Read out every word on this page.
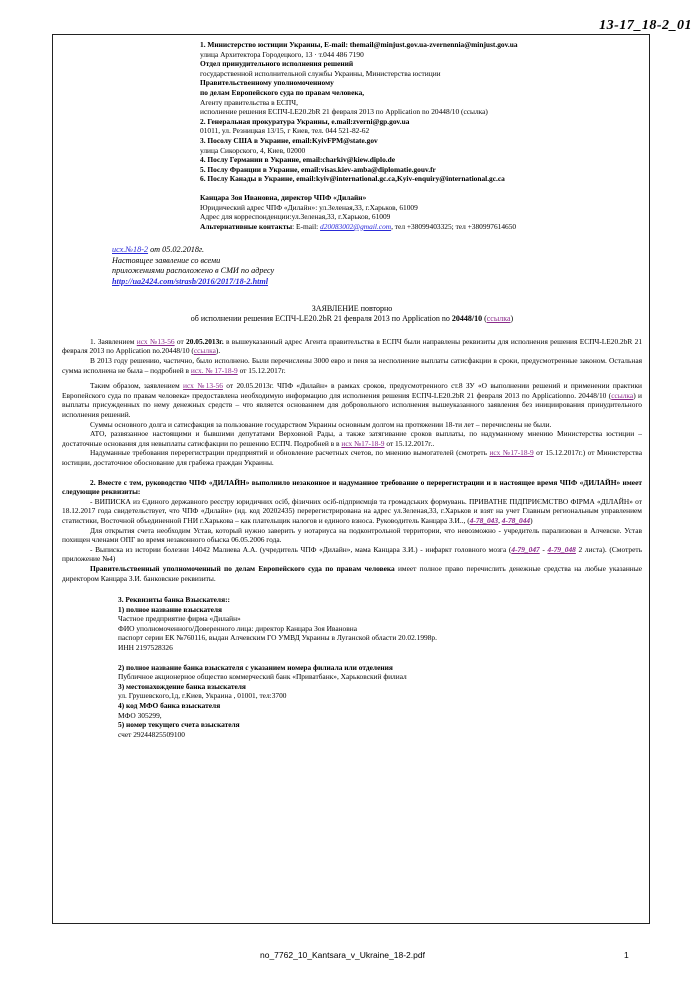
13-17_18-2_01
1. Министерство юстиции Украины, E-mail: themail@minjust.gov.ua-zvernennia@minjust.gov.ua
улица Архитектора Городецкого, 13 · т.044 486 7190
Отдел принудительного исполнения решений
государственной исполнительной службы Украины, Министерства юстиции
Правительственному уполномоченному
по делам Европейского суда по правам человека,
Агенту правительства в ЕСПЧ,
исполнение решения ЕСПЧ-LE20.2bR 21 февраля 2013 по Application no 20448/10 (ссылка)
2. Генеральная прокуратура Украины, e.mail:zverni@gp.gov.ua
01011, ул. Резницкая 13/15, г Киев, тел. 044 521-82-62
3. Посолу США в Украине, email:KyivFPM@state.gov
улица Сикорского, 4, Киев, 02000
4. Послу Германии в Украине, email:charkiv@kiew.diplo.de
5. Послу Франции в Украине, email:visas.kiev-amba@diplomatie.gouv.fr
6. Послу Канады в Украине, email:kyiv@international.gc.ca,Kyiv-enquiry@international.gc.ca
Канцара Зоя Ивановна, директор ЧПФ «Дилайн»
Юридический адрес ЧПФ «Дилайн»: ул.Зеленая,33, г.Харьков, 61009
Адрес для корреспонденции:ул.Зеленая,33, г.Харьков, 61009
Альтернативные контакты: E-mail: d20083002@gmail.com, тел +38099403325; тел +380997614650
исх.№18-2 от 05.02.2018г.
Настоящее заявление со всеми
приложениями расположено в СМИ по адресу
http://ua2424.com/strasb/2016/2017/18-2.html
ЗАЯВЛЕНИЕ повторно
об исполнении решения ЕСПЧ-LE20.2bR 21 февраля 2013 по Application no 20448/10 (ссылка)

1. Заявлением исх №13-56 от 20.05.2013г. в вышеуказанный адрес Агента правительства в ЕСПЧ были направлены реквизиты для исполнения решения ЕСПЧ-LE20.2bR 21 февраля 2013 по Application no.20448/10 (ссылка).

В 2013 году решению, частично, было исполнено. Были перечислены 3000 евро и пеня за несполнение выплаты сатисфакции в сроки, предусмотренные законом. Остальная сумма исполнена не была – подробней в исх. № 17-18-9 от 15.12.2017г.

Таким образом, заявлением исх №13-56 от 20.05.2013г. ЧПФ «Дилайн» в рамках сроков, предусмотренного ст.8 ЗУ «О выполнении решений и применении практики Европейского суда по правам человека» предоставлена необходимую информацию для исполнения решения ЕСПЧ-LE20.2bR 21 февраля 2013 по Applicationno. 20448/10 (ссылка) и выплаты присужденных по нему денежных средств – что является основанием для добровольного исполнения вышеуказанного заявления без инициирования принудительного исполнения решений.

Суммы основного долга и сатисфакция за пользование государством Украины основным долгом на протяжении 18-ти лет – перечислены не были.

АТО, развязанное настоящими и бывшими депутатами Верховной Рады, а также затягивание сроков выплаты, по надуманному мнению Министерства юстиции – достаточные основания для невыплаты сатисфакции по решению ЕСПЧ. Подробней в в исх №17-18-9 от 15.12.2017г..

Надуманные требования перерегистрации предприятий и обновление расчетных счетов, по мнению вымогателей (смотреть исх №17-18-9 от 15.12.2017г.) от Министерства юстиции, достаточное обоснование для грабежа граждан Украины.

2. Вместе с тем, руководство ЧПФ «ДИЛАЙН» выполнило незаконное и надуманное требование о перерегистрации и в настоящее время ЧПФ «ДИЛАЙН» имеет следующие реквизиты:

- ВИПИСКА из Єдиного державного реєстру юридичних осіб, фізичних осіб-підприємців та громадських формувань. ПРИВАТНЕ ПІДПРИЄМСТВО ФІРМА «ДІЛАЙН» от 18.12.2017 года свидетельствует, что ЧПФ «Дилайн» (ид. код 20202435) перерегистрирована на адрес ул.Зеленая,33, г.Харьков и взят на учет Главным региональным управлением статистики, Восточной объединенной ГНИ г.Харькова – как плательщик налогов и единого взноса. Руководитель Канцара З.И.., (4-78_043, 4-78_044)

Для открытия счета необходим Устав, который нужно заверить у нотариуса на подконтрольной территории, что невозможно - учредитель парализован в Алчевске. Устав похищен членами ОПГ во время незаконного обыска 06.05.2006 года.

- Выписка из истории болезни 14042 Малиева А.А. (учредитель ЧПФ «Дилайн», мама Канцара З.И.) - инфаркт головного мозга (4-79_047 - 4-79_048 2 листа). (Смотреть приложение №4)

Правительственный уполномоченный по делам Европейского суда по правам человека имеет полное право перечислить денежные средства на любые указанные директором Канцара З.И. банковские реквизиты.

3. Реквизиты банка Взыскателя::
1) полное название взыскателя
Частное предприятие фирма «Дилайн»
ФИО уполномоченного/Доверенного лица: директор Канцара Зоя Ивановна
паспорт серии ЕК №760116, выдан Алчевским ГО УМВД Украины в Луганской области 20.02.1998р.
ИНН 2197528326
2) полное название банка взыскателя с указанием номера филиала или отделения
Публичное акционерное общество коммерческий банк «Приватбанк», Харьковский филиал
3) местонахождение банка взыскателя
ул. Грушевского,1д, г.Киев, Украина , 01001, тел:3700
4) код МФО банка взыскателя
МФО 305299,
5) номер текущего счета взыскателя
счет 29244825509100
no_7762_10_Kantsara_v_Ukraine_18-2.pdf	1
